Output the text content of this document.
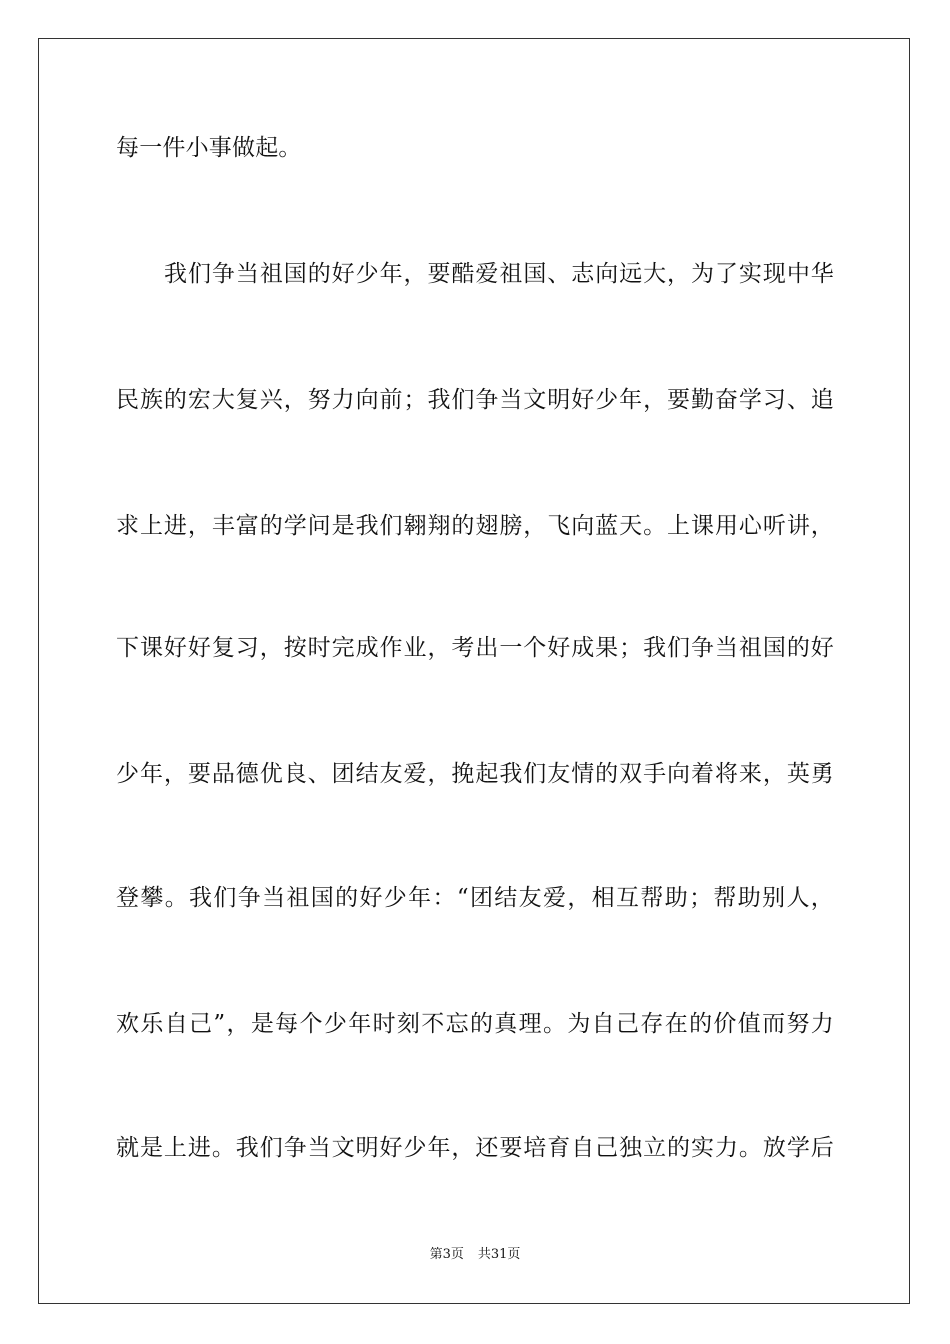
每一件小事做起。
我们争当祖国的好少年，要酷爱祖国、志向远大，为了实现中华
民族的宏大复兴，努力向前；我们争当文明好少年，要勤奋学习、追
求上进，丰富的学问是我们翱翔的翅膀，飞向蓝天。上课用心听讲，
下课好好复习，按时完成作业，考出一个好成果；我们争当祖国的好
少年，要品德优良、团结友爱，挽起我们友情的双手向着将来，英勇
登攀。我们争当祖国的好少年：“团结友爱，相互帮助；帮助别人，
欢乐自己”，是每个少年时刻不忘的真理。为自己存在的价值而努力
就是上进。我们争当文明好少年，还要培育自己独立的实力。放学后
第3页 共31页
